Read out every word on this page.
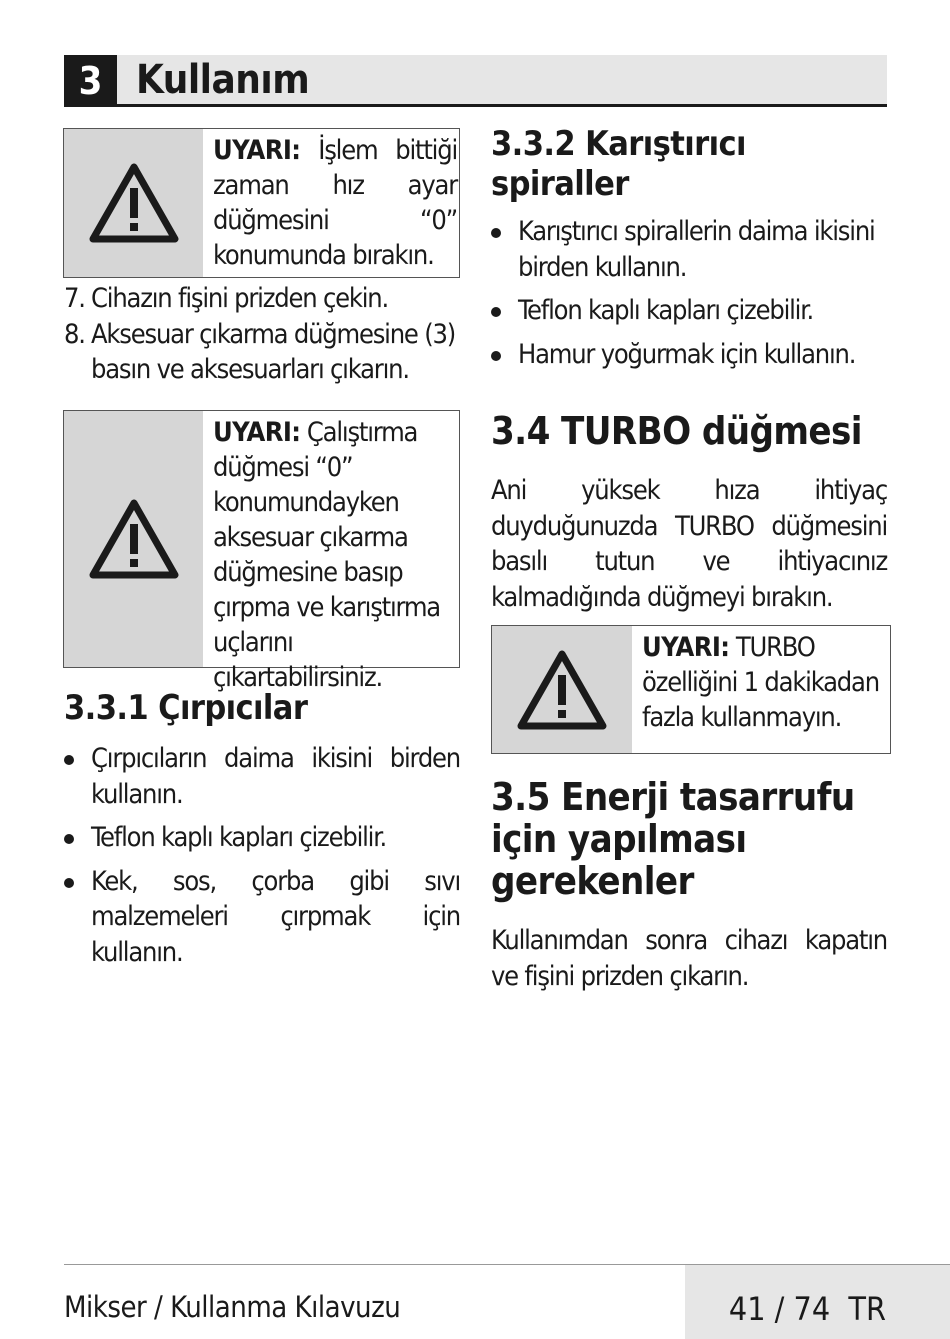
3 Kullanım
UYARI: İşlem bittiği zaman hız ayar düğmesini “0” konumunda bırakın.
7. Cihazın fişini prizden çekin.
8. Aksesuar çıkarma düğmesine (3) basın ve aksesuarları çıkarın.
UYARI: Çalıştırma düğmesi “0” konumundayken aksesuar çıkarma düğmesine basıp çırpma ve karıştırma uçlarını çıkartabilirsiniz.
3.3.1 Çırpıcılar
Çırpıcıların daima ikisini birden kullanın.
Teflon kaplı kapları çizebilir.
Kek, sos, çorba gibi sıvı malzemeleri çırpmak için kullanın.
3.3.2 Karıştırıcı spiraller
Karıştırıcı spirallerin daima ikisini birden kullanın.
Teflon kaplı kapları çizebilir.
Hamur yoğurmak için kullanın.
3.4 TURBO düğmesi
Ani yüksek hıza ihtiyaç duyduğunuzda TURBO düğmesini basılı tutun ve ihtiyacınız kalmadığında düğmeyi bırakın.
UYARI: TURBO özelliğini 1 dakikadan fazla kullanmayın.
3.5 Enerji tasarrufu için yapılması gerekenler
Kullanımdan sonra cihazı kapatın ve fişini prizden çıkarın.
Mikser / Kullanma Kılavuzu	41 / 74  TR
